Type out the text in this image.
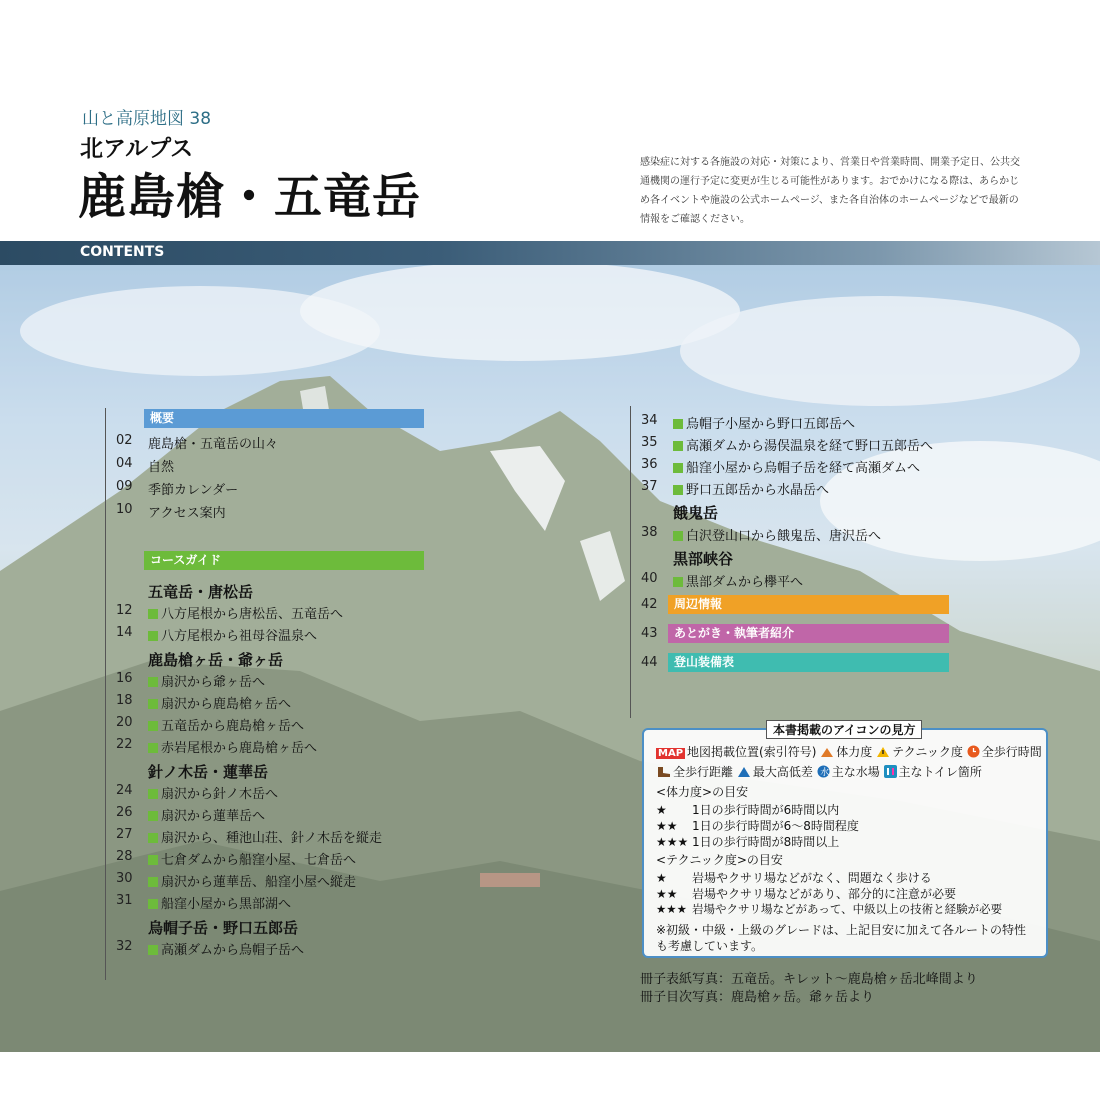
山と高原地図 38
北アルプス
鹿島槍・五竜岳
感染症に対する各施設の対応・対策により、営業日や営業時間、開業予定日、公共交通機関の運行予定に変更が生じる可能性があります。おでかけになる際は、あらかじめ各イベントや施設の公式ホームページ、また各自治体のホームページなどで最新の情報をご確認ください。
CONTENTS
概要
02	鹿島槍・五竜岳の山々
04	自然
09	季節カレンダー
10	アクセス案内
コースガイド
五竜岳・唐松岳
12	八方尾根から唐松岳、五竜岳へ
14	八方尾根から祖母谷温泉へ
鹿島槍ヶ岳・爺ヶ岳
16	扇沢から爺ヶ岳へ
18	扇沢から鹿島槍ヶ岳へ
20	五竜岳から鹿島槍ヶ岳へ
22	赤岩尾根から鹿島槍ヶ岳へ
針ノ木岳・蓮華岳
24	扇沢から針ノ木岳へ
26	扇沢から蓮華岳へ
27	扇沢から、種池山荘、針ノ木岳を縦走
28	七倉ダムから船窪小屋、七倉岳へ
30	扇沢から蓮華岳、船窪小屋へ縦走
31	船窪小屋から黒部湖へ
烏帽子岳・野口五郎岳
32	高瀬ダムから烏帽子岳へ
34	烏帽子小屋から野口五郎岳へ
35	高瀬ダムから湯俣温泉を経て野口五郎岳へ
36	船窪小屋から烏帽子岳を経て高瀬ダムへ
37	野口五郎岳から水晶岳へ
餓鬼岳
38	白沢登山口から餓鬼岳、唐沢岳へ
黒部峡谷
40	黒部ダムから欅平へ
42	周辺情報
43	あとがき・執筆者紹介
44	登山装備表
本書掲載のアイコンの見方
MAP 地図掲載位置(索引符号) 体力度 テクニック度 全歩行時間
全歩行距離 最大高低差 水 主な水場 主なトイレ箇所
<体力度>の目安
★ 1日の歩行時間が6時間以内
★★ 1日の歩行時間が6〜8時間程度
★★★ 1日の歩行時間が8時間以上
<テクニック度>の目安
★ 岩場やクサリ場などがなく、問題なく歩ける
★★ 岩場やクサリ場などがあり、部分的に注意が必要
★★★ 岩場やクサリ場などがあって、中級以上の技術と経験が必要
※初級・中級・上級のグレードは、上記目安に加えて各ルートの特性
も考慮しています。
冊子表紙写真：五竜岳。キレット〜鹿島槍ヶ岳北峰間より
冊子目次写真：鹿島槍ヶ岳。爺ヶ岳より
